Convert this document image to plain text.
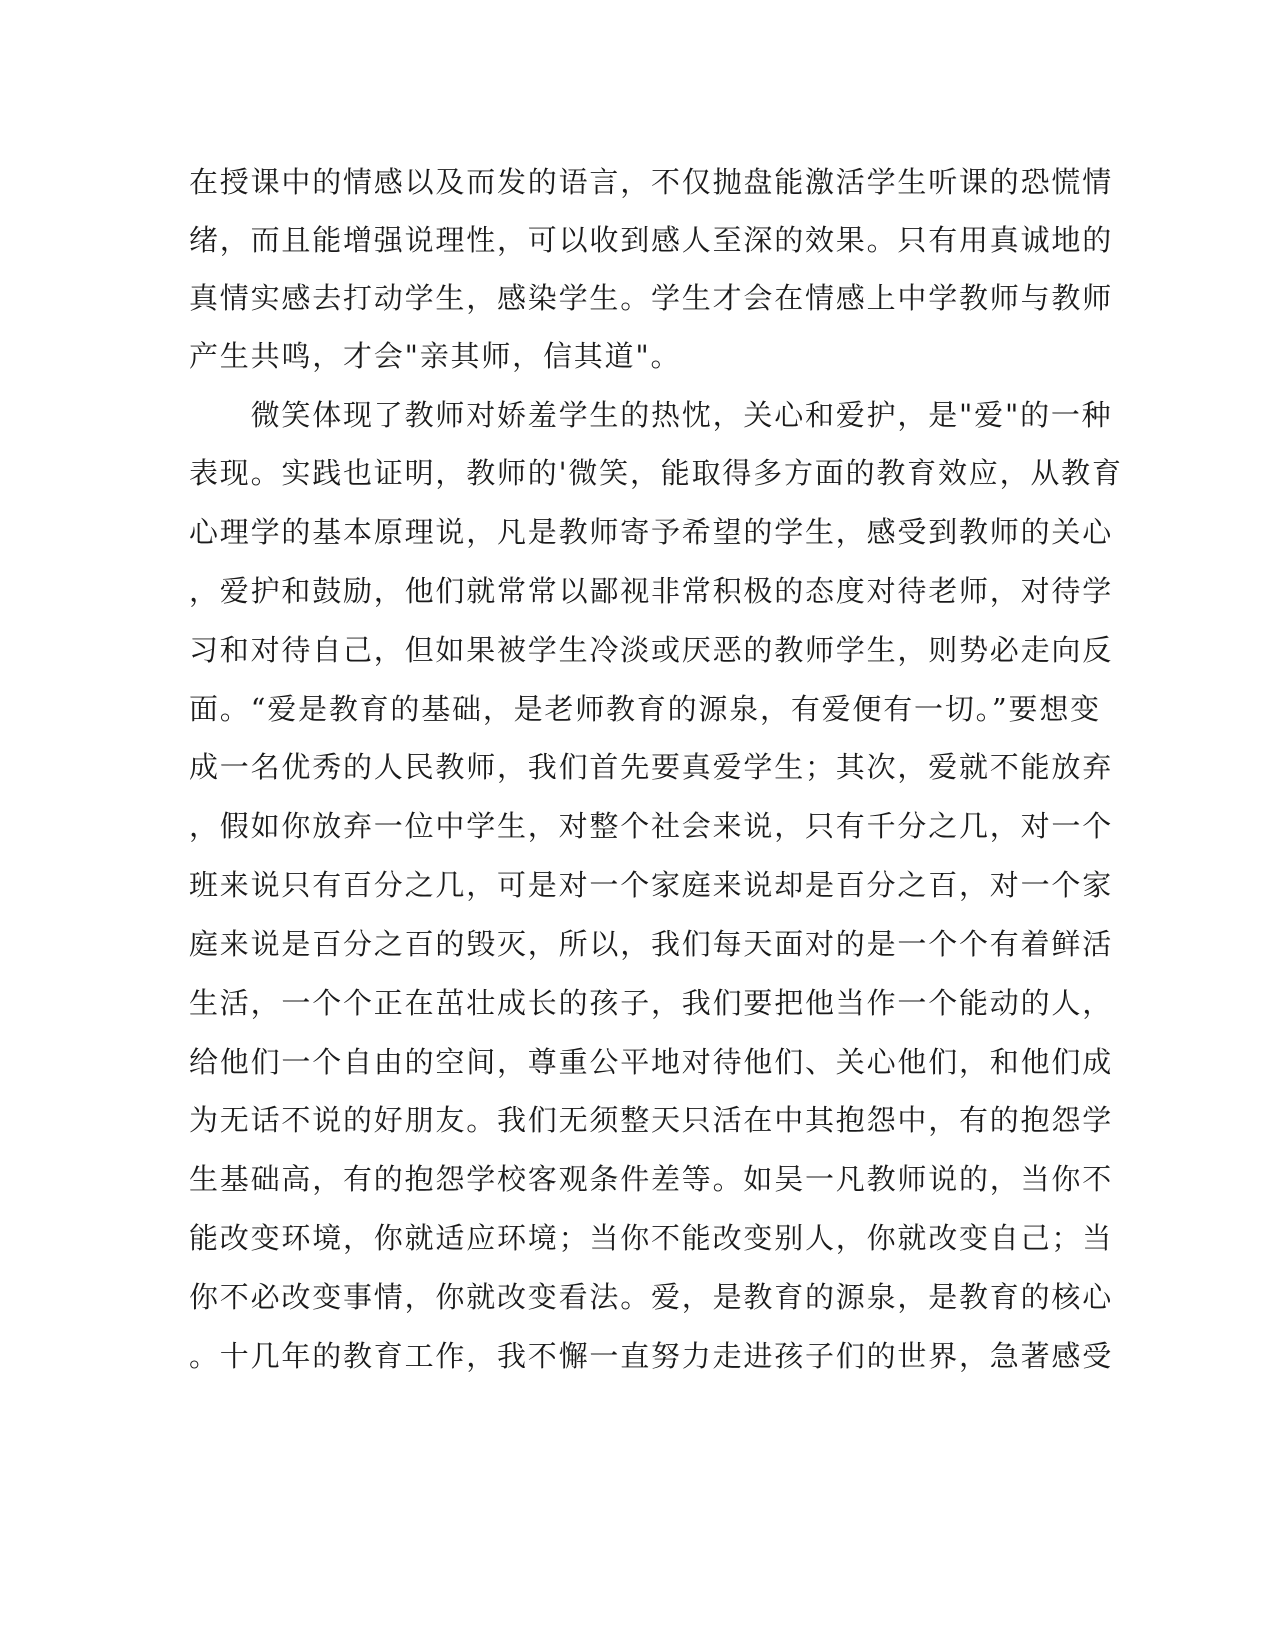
在授课中的情感以及而发的语言，不仅抛盘能激活学生听课的恐慌情
绪，而且能增强说理性，可以收到感人至深的效果。只有用真诚地的
真情实感去打动学生，感染学生。学生才会在情感上中学教师与教师
产生共鸣，才会"亲其师，信其道"。
　　微笑体现了教师对娇羞学生的热忱，关心和爱护，是"爱"的一种
表现。实践也证明，教师的'微笑，能取得多方面的教育效应，从教育
心理学的基本原理说，凡是教师寄予希望的学生，感受到教师的关心
，爱护和鼓励，他们就常常以鄙视非常积极的态度对待老师，对待学
习和对待自己，但如果被学生冷淡或厌恶的教师学生，则势必走向反
面。“爱是教育的基础，是老师教育的源泉，有爱便有一切。”要想变
成一名优秀的人民教师，我们首先要真爱学生；其次，爱就不能放弃
，假如你放弃一位中学生，对整个社会来说，只有千分之几，对一个
班来说只有百分之几，可是对一个家庭来说却是百分之百，对一个家
庭来说是百分之百的毁灭，所以，我们每天面对的是一个个有着鲜活
生活，一个个正在茁壮成长的孩子，我们要把他当作一个能动的人，
给他们一个自由的空间，尊重公平地对待他们、关心他们，和他们成
为无话不说的好朋友。我们无须整天只活在中其抱怨中，有的抱怨学
生基础高，有的抱怨学校客观条件差等。如吴一凡教师说的，当你不
能改变环境，你就适应环境；当你不能改变别人，你就改变自己；当
你不必改变事情，你就改变看法。爱，是教育的源泉，是教育的核心
。十几年的教育工作，我不懈一直努力走进孩子们的世界，急著感受
